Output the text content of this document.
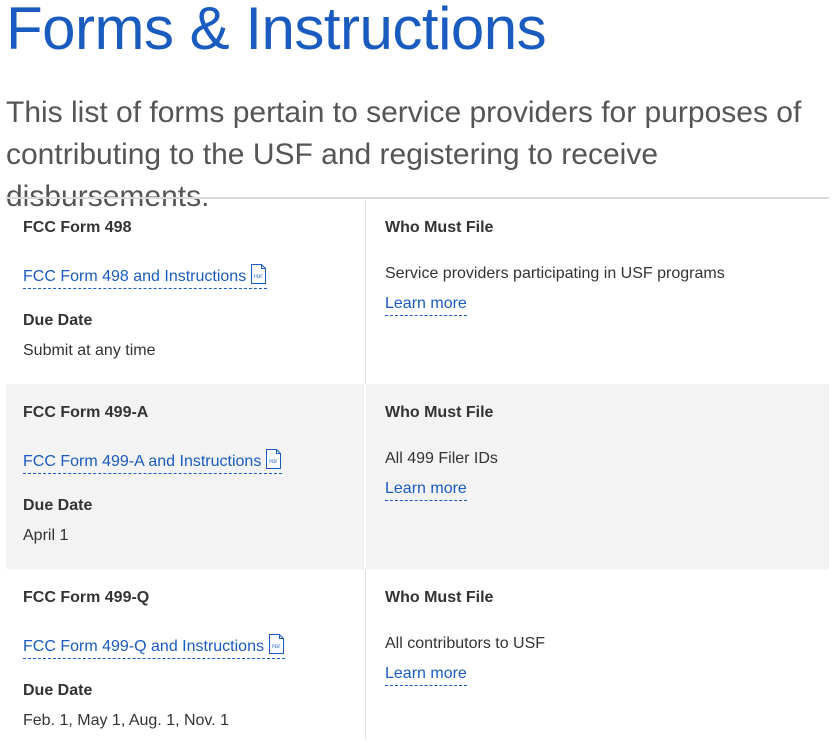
Forms & Instructions

This list of forms pertain to service providers for purposes of contributing to the USF and registering to receive disbursements.

FCC Form 498
FCC Form 498 and Instructions PDF
Due Date
Submit at any time
Who Must File
Service providers participating in USF programs
Learn more
FCC Form 499-A
FCC Form 499-A and Instructions PDF
Due Date
April 1
Who Must File
All 499 Filer IDs
Learn more
FCC Form 499-Q
FCC Form 499-Q and Instructions PDF
Due Date
Feb. 1, May 1, Aug. 1, Nov. 1
Who Must File
All contributors to USF
Learn more
